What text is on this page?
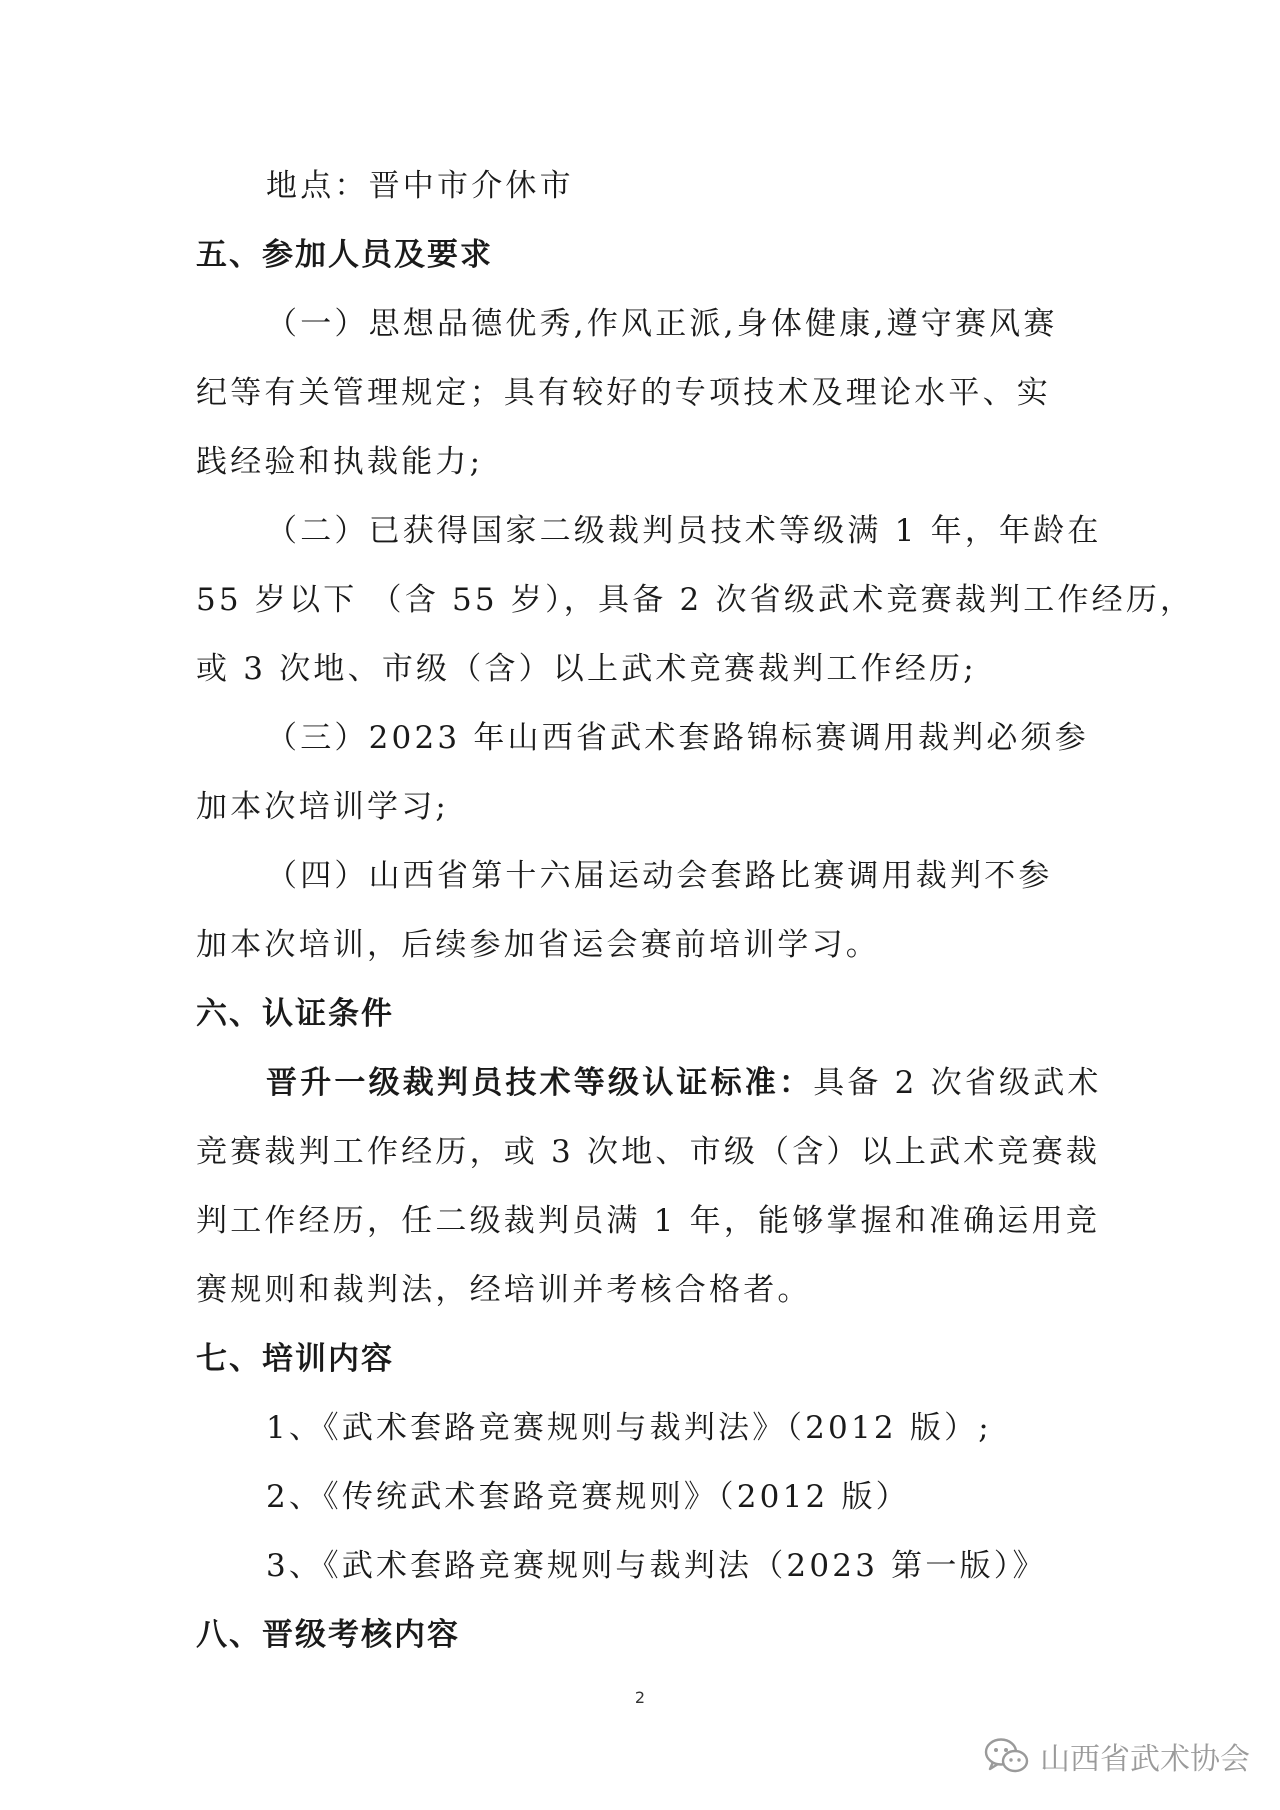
地点：晋中市介休市
五、参加人员及要求
（一）思想品德优秀,作风正派,身体健康,遵守赛风赛
纪等有关管理规定；具有较好的专项技术及理论水平、实
践经验和执裁能力;
（二）已获得国家二级裁判员技术等级满 1 年，年龄在
55 岁以下 （含 55 岁），具备 2 次省级武术竞赛裁判工作经历，
或 3 次地、市级（含）以上武术竞赛裁判工作经历;
（三）2023 年山西省武术套路锦标赛调用裁判必须参
加本次培训学习;
（四）山西省第十六届运动会套路比赛调用裁判不参
加本次培训，后续参加省运会赛前培训学习。
六、认证条件
晋升一级裁判员技术等级认证标准：具备 2 次省级武术
竞赛裁判工作经历，或 3 次地、市级（含）以上武术竞赛裁
判工作经历，任二级裁判员满 1 年，能够掌握和准确运用竞
赛规则和裁判法，经培训并考核合格者。
七、培训内容
1、《武术套路竞赛规则与裁判法》（2012 版）;
2、《传统武术套路竞赛规则》（2012 版）
3、《武术套路竞赛规则与裁判法（2023 第一版）》
八、晋级考核内容
2
山西省武术协会
